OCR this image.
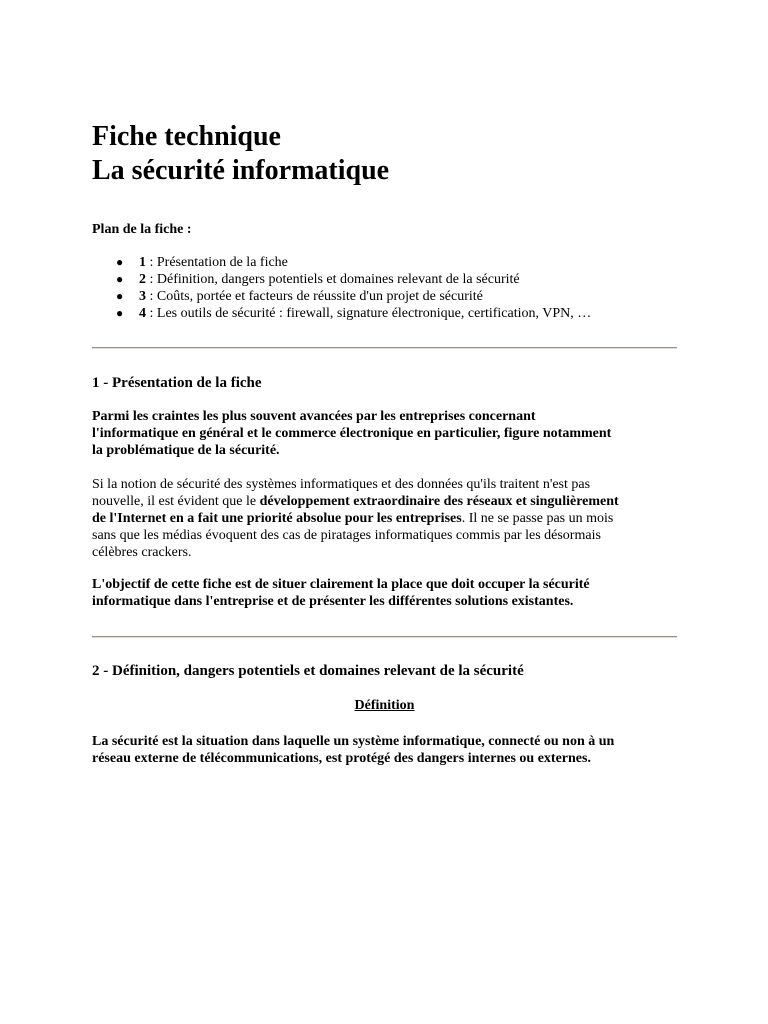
Fiche technique
La sécurité informatique
Plan de la fiche :
● 1 : Présentation de la fiche
● 2 : Définition, dangers potentiels et domaines relevant de la sécurité
● 3 : Coûts, portée et facteurs de réussite d'un projet de sécurité
● 4 : Les outils de sécurité : firewall, signature électronique, certification, VPN, …
1 - Présentation de la fiche

Parmi les craintes les plus souvent avancées par les entreprises concernant
l'informatique en général et le commerce électronique en particulier, figure notamment
la problématique de la sécurité.

Si la notion de sécurité des systèmes informatiques et des données qu'ils traitent n'est pas
nouvelle, il est évident que le développement extraordinaire des réseaux et singulièrement
de l'Internet en a fait une priorité absolue pour les entreprises. Il ne se passe pas un mois
sans que les médias évoquent des cas de piratages informatiques commis par les désormais
célèbres crackers.

L'objectif de cette fiche est de situer clairement la place que doit occuper la sécurité
informatique dans l'entreprise et de présenter les différentes solutions existantes.

2 - Définition, dangers potentiels et domaines relevant de la sécurité
Définition

La sécurité est la situation dans laquelle un système informatique, connecté ou non à un
réseau externe de télécommunications, est protégé des dangers internes ou externes.
